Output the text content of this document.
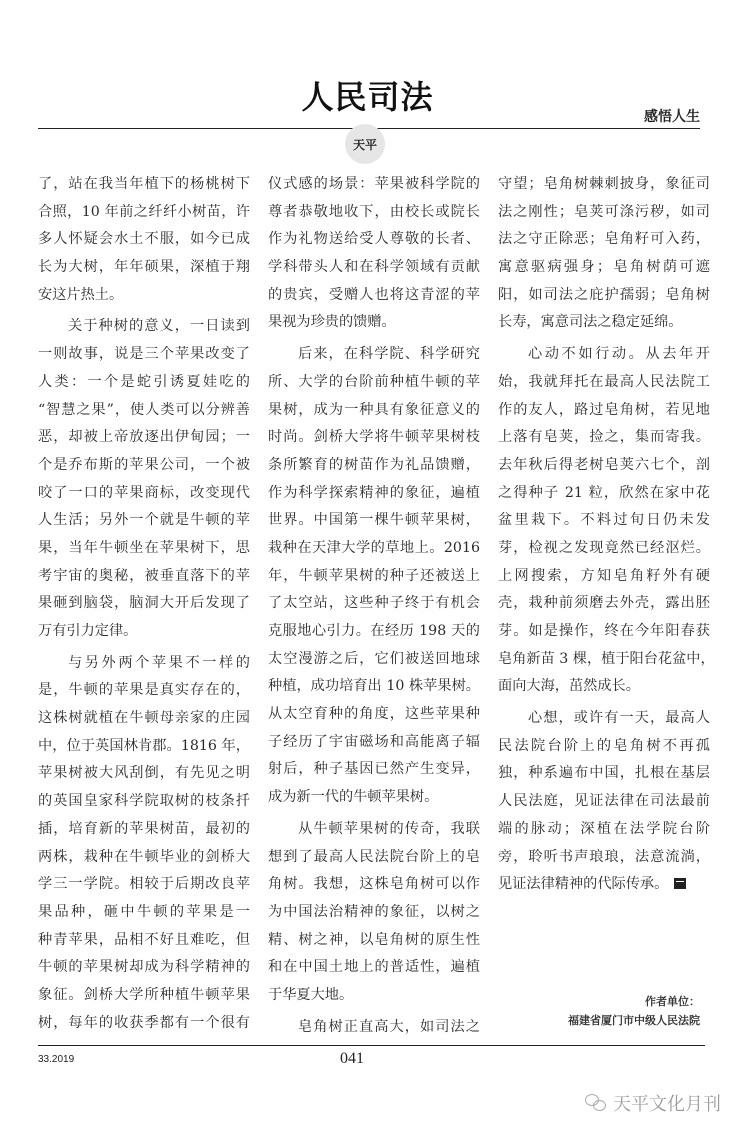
人民司法
感悟人生
天平
了，站在我当年植下的杨桃树下
合照，10 年前之纤纤小树苗，许
多人怀疑会水土不服，如今已成
长为大树，年年硕果，深植于翔
安这片热土。
关于种树的意义，一日读到
一则故事，说是三个苹果改变了
人类：一个是蛇引诱夏娃吃的
“智慧之果”，使人类可以分辨善
恶，却被上帝放逐出伊甸园；一
个是乔布斯的苹果公司，一个被
咬了一口的苹果商标，改变现代
人生活；另外一个就是牛顿的苹
果，当年牛顿坐在苹果树下，思
考宇宙的奥秘，被垂直落下的苹
果砸到脑袋，脑洞大开后发现了
万有引力定律。
与另外两个苹果不一样的
是，牛顿的苹果是真实存在的，
这株树就植在牛顿母亲家的庄园
中，位于英国林肯郡。1816 年，
苹果树被大风刮倒，有先见之明
的英国皇家科学院取树的枝条扦
插，培育新的苹果树苗，最初的
两株，栽种在牛顿毕业的剑桥大
学三一学院。相较于后期改良苹
果品种，砸中牛顿的苹果是一
种青苹果，品相不好且难吃，但
牛顿的苹果树却成为科学精神的
象征。剑桥大学所种植牛顿苹果
树，每年的收获季都有一个很有
仪式感的场景：苹果被科学院的
尊者恭敬地收下，由校长或院长
作为礼物送给受人尊敬的长者、
学科带头人和在科学领域有贡献
的贵宾，受赠人也将这青涩的苹
果视为珍贵的馈赠。
后来，在科学院、科学研究
所、大学的台阶前种植牛顿的苹
果树，成为一种具有象征意义的
时尚。剑桥大学将牛顿苹果树枝
条所繁育的树苗作为礼品馈赠，
作为科学探索精神的象征，遍植
世界。中国第一棵牛顿苹果树，
栽种在天津大学的草地上。2016
年，牛顿苹果树的种子还被送上
了太空站，这些种子终于有机会
克服地心引力。在经历 198 天的
太空漫游之后，它们被送回地球
种植，成功培育出 10 株苹果树。
从太空育种的角度，这些苹果种
子经历了宇宙磁场和高能离子辐
射后，种子基因已然产生变异，
成为新一代的牛顿苹果树。
从牛顿苹果树的传奇，我联
想到了最高人民法院台阶上的皂
角树。我想，这株皂角树可以作
为中国法治精神的象征，以树之
精、树之神，以皂角树的原生性
和在中国土地上的普适性，遍植
于华夏大地。
皂角树正直高大，如司法之
守望；皂角树棘刺披身，象征司
法之刚性；皂荚可涤污秽，如司
法之守正除恶；皂角籽可入药，
寓意驱病强身；皂角树荫可遮
阳，如司法之庇护孺弱；皂角树
长寿，寓意司法之稳定延绵。
心动不如行动。从去年开
始，我就拜托在最高人民法院工
作的友人，路过皂角树，若见地
上落有皂荚，捡之，集而寄我。
去年秋后得老树皂荚六七个，剖
之得种子 21 粒，欣然在家中花
盆里栽下。不料过旬日仍未发
芽，检视之发现竟然已经沤烂。
上网搜索，方知皂角籽外有硬
壳，栽种前须磨去外壳，露出胚
芽。如是操作，终在今年阳春获
皂角新苗 3 棵，植于阳台花盆中，
面向大海，茁然成长。
心想，或许有一天，最高人
民法院台阶上的皂角树不再孤
独，种系遍布中国，扎根在基层
人民法庭，见证法律在司法最前
端的脉动；深植在法学院台阶
旁，聆听书声琅琅，法意流淌，
见证法律精神的代际传承。
作者单位：
福建省厦门市中级人民法院
33.2019	041
天平文化月刊
